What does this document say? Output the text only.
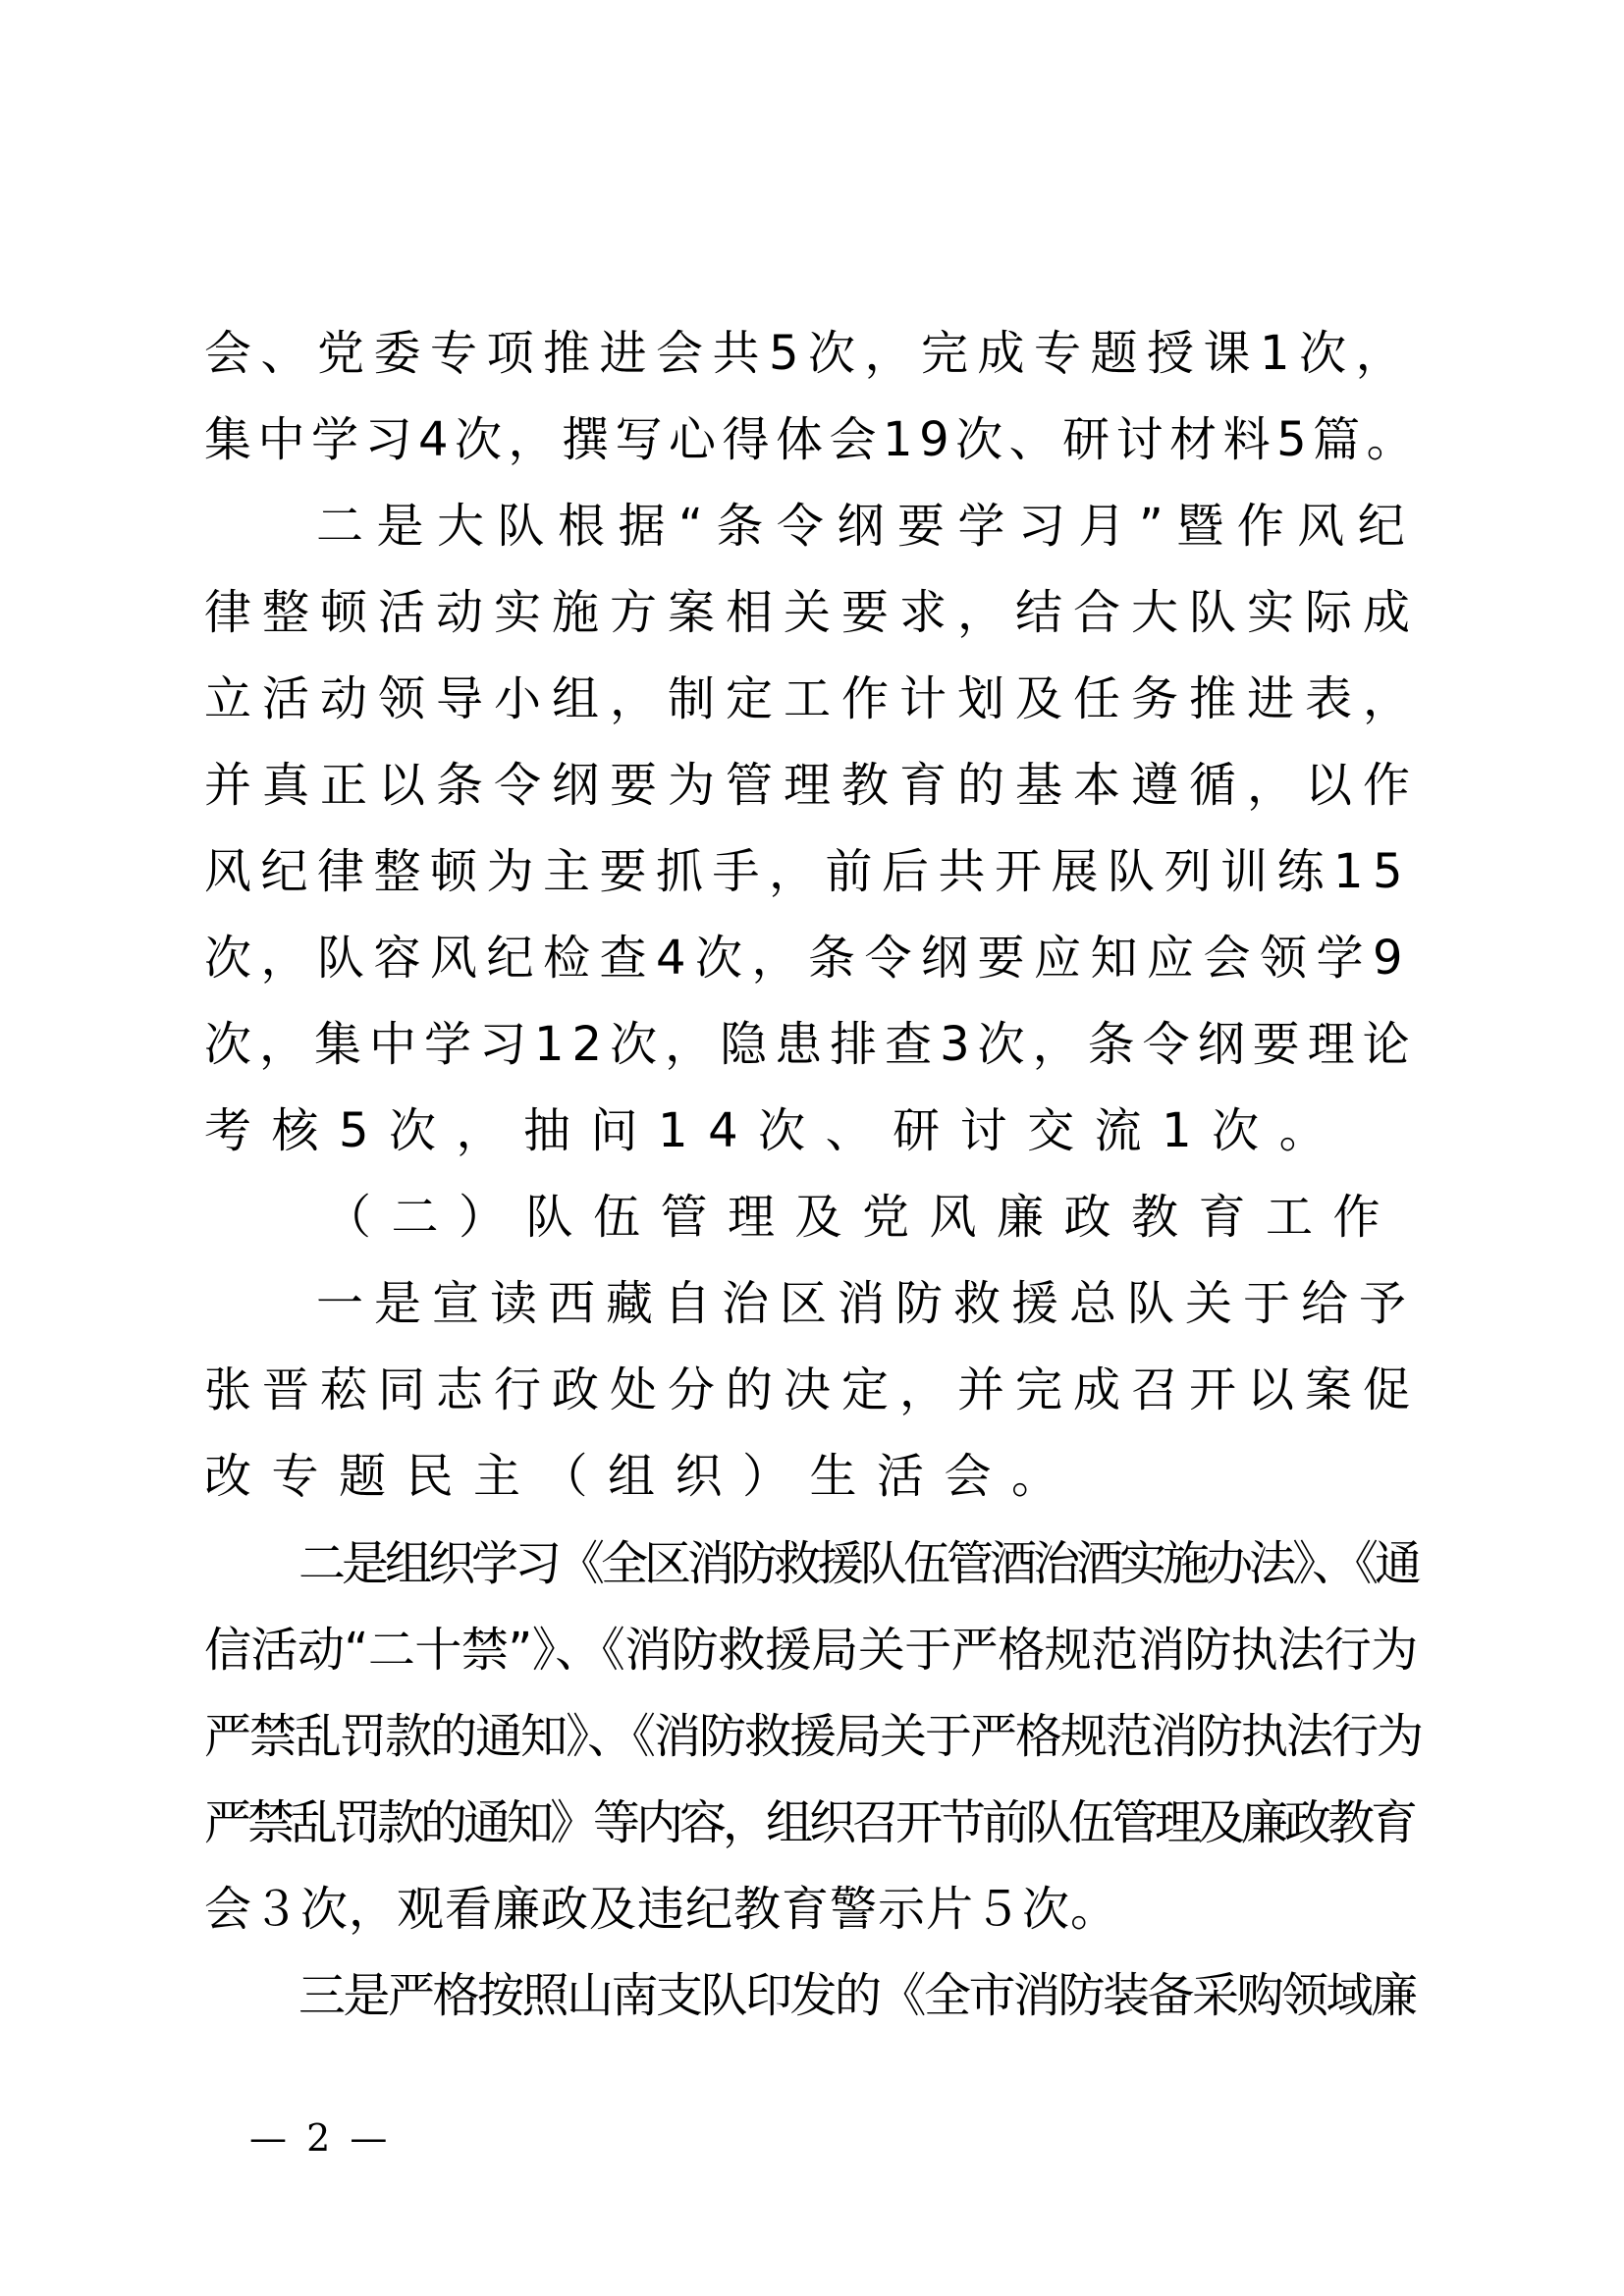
会、党委专项推进会共5次，完成专题授课1次，
集中学习4次，撰写心得体会19次、研讨材料5篇。
二是大队根据“条令纲要学习月”暨作风纪
律整顿活动实施方案相关要求，结合大队实际成
立活动领导小组，制定工作计划及任务推进表，
并真正以条令纲要为管理教育的基本遵循，以作
风纪律整顿为主要抓手，前后共开展队列训练15
次，队容风纪检查4次，条令纲要应知应会领学9
次，集中学习12次，隐患排查3次，条令纲要理论
考核5次，抽问14次、研讨交流1次。
（二）队伍管理及党风廉政教育工作
一是宣读西藏自治区消防救援总队关于给予
张晋菘同志行政处分的决定，并完成召开以案促
改专题民主（组织）生活会。
二是组织学习《全区消防救援队伍管酒治酒实施办法》、《通
信活动“二十禁”》、《消防救援局关于严格规范消防执法行为
严禁乱罚款的通知》、《消防救援局关于严格规范消防执法行为
严禁乱罚款的通知》等内容，组织召开节前队伍管理及廉政教育
会３次，观看廉政及违纪教育警示片５次。
三是严格按照山南支队印发的《全市消防装备采购领域廉
— 2 —
